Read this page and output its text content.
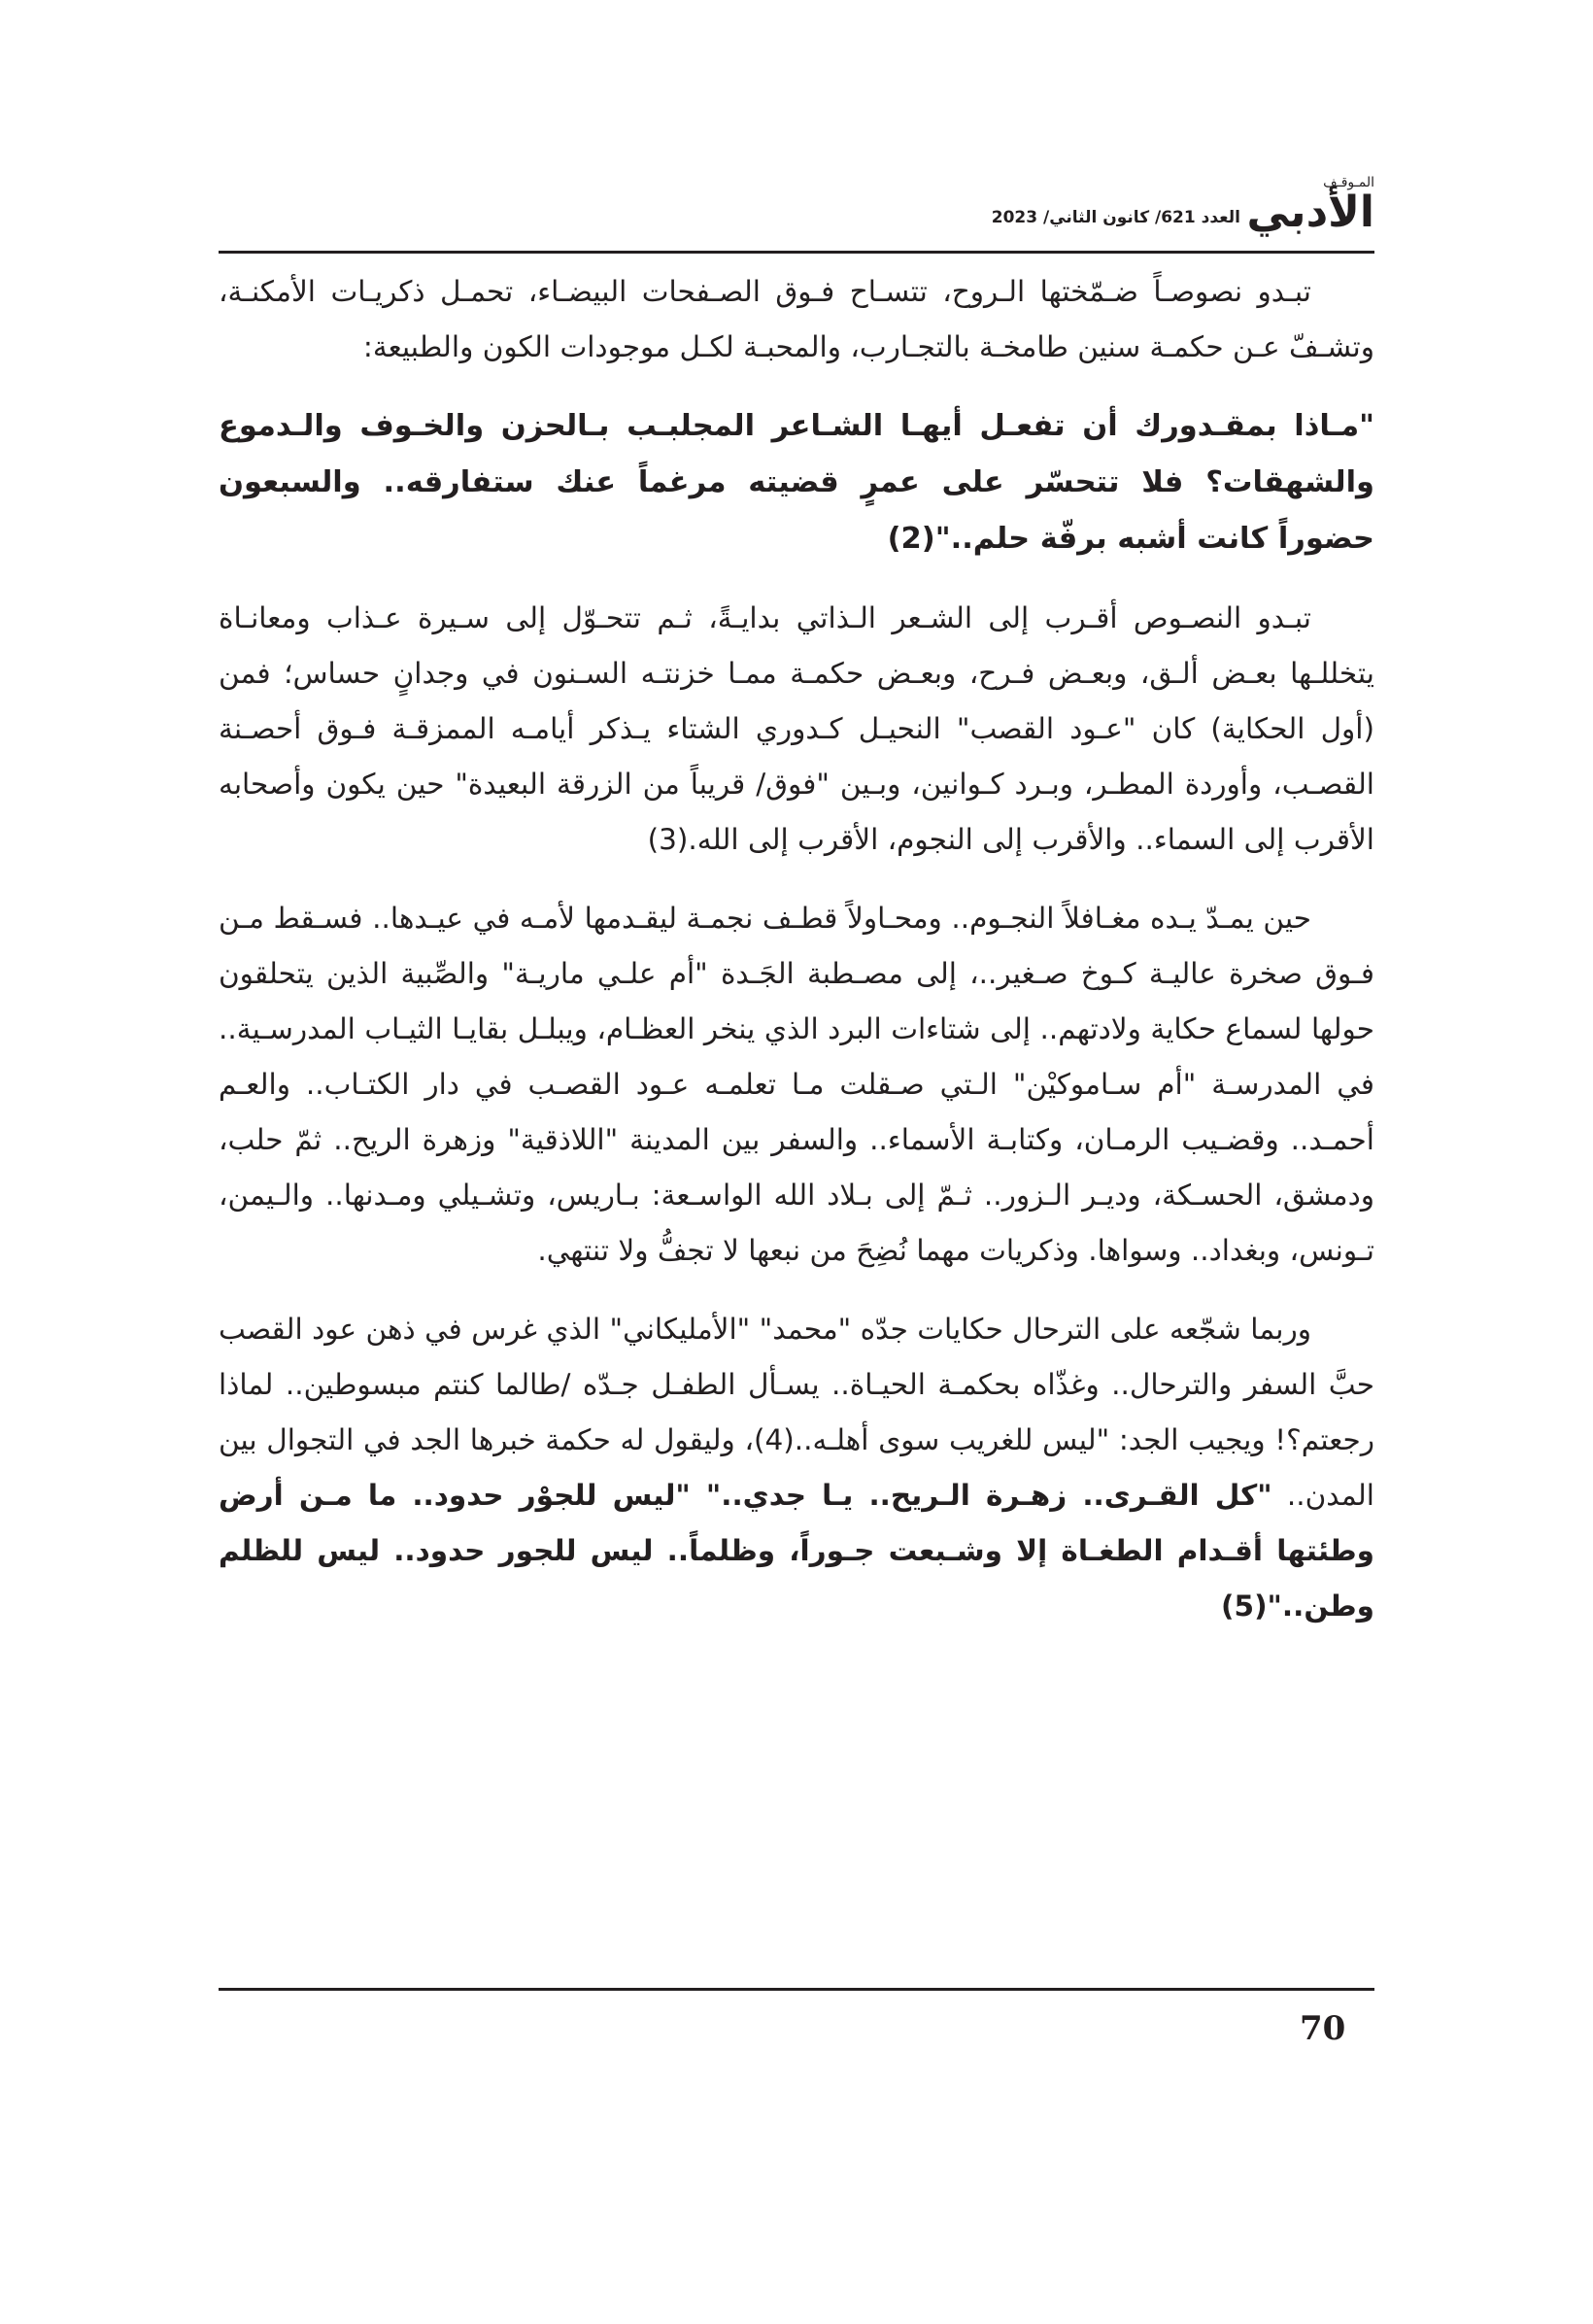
المـوقـف
الأدبي
العدد 621/ كانون الثاني/ 2023

تبـدو نصوصـاً ضـمّختها الـروح، تتسـاح فـوق الصـفحات البيضـاء، تحمـل ذكريـات الأمكنـة، وتشـفّ عـن حكمـة سنين طامخـة بالتجـارب، والمحبـة لكـل موجودات الكون والطبيعة:

"مـاذا بمقـدورك أن تفعـل أيهـا الشـاعر المجلبـب بـالحزن والخـوف والـدموع والشهقات؟ فلا تتحسّر على عمرٍ قضيته مرغماً عنك ستفارقه.. والسبعون حضوراً كانت أشبه برفّة حلم.."(2)

تبـدو النصـوص أقـرب إلى الشـعر الـذاتي بدايـةً، ثـم تتحـوّل إلى سـيرة عـذاب ومعانـاة يتخللـها بعـض ألـق، وبعـض فـرح، وبعـض حكمـة ممـا خزنتـه السـنون في وجدانٍ حساس؛ فمن (أول الحكاية) كان "عـود القصب" النحيـل كـدوري الشتاء يـذكر أيامـه الممزقـة فـوق أحصـنة القصـب، وأوردة المطـر، وبـرد كـوانين، وبـين "فوق/ قريباً من الزرقة البعيدة" حين يكون وأصحابه الأقرب إلى السماء.. والأقرب إلى النجوم، الأقرب إلى الله.(3)

حين يمـدّ يـده مغـافلاً النجـوم.. ومحـاولاً قطـف نجمـة ليقـدمها لأمـه في عيـدها.. فسـقط مـن فـوق صخرة عاليـة كـوخ صـغير..، إلى مصـطبة الجَـدة "أم علـي ماريـة" والصِّبية الذين يتحلقون حولها لسماع حكاية ولادتهم.. إلى شتاءات البرد الذي ينخر العظـام، ويبلـل بقايـا الثيـاب المدرسـية.. في المدرسـة "أم سـاموكيْن" الـتي صـقلت مـا تعلمـه عـود القصـب في دار الكتـاب.. والعـم أحمـد.. وقضـيب الرمـان، وكتابـة الأسماء.. والسفر بين المدينة "اللاذقية" وزهرة الريح.. ثمّ حلب، ودمشق، الحسـكة، وديـر الـزور.. ثـمّ إلى بـلاد الله الواسـعة: بـاريس، وتشـيلي ومـدنها.. والـيمن، تـونس، وبغداد.. وسواها. وذكريات مهما نُضِحَ من نبعها لا تجفُّ ولا تنتهي.

وربما شجّعه على الترحال حكايات جدّه "محمد" "الأمليكاني" الذي غرس في ذهن عود القصب حبَّ السفر والترحال.. وغذّاه بحكمـة الحيـاة.. يسـأل الطفـل جـدّه /طالما كنتم مبسوطين.. لماذا رجعتم؟! ويجيب الجد: "ليس للغريب سوى أهلـه..(4)، وليقول له حكمة خبرها الجد في التجوال بين المدن.. "كل القـرى.. زهـرة الـريح.. يـا جدي.." "ليس للجوْر حدود.. ما مـن أرض وطئتها أقـدام الطغـاة إلا وشـبعت جـوراً، وظلماً.. ليس للجور حدود.. ليس للظلم وطن.."(5)

70
